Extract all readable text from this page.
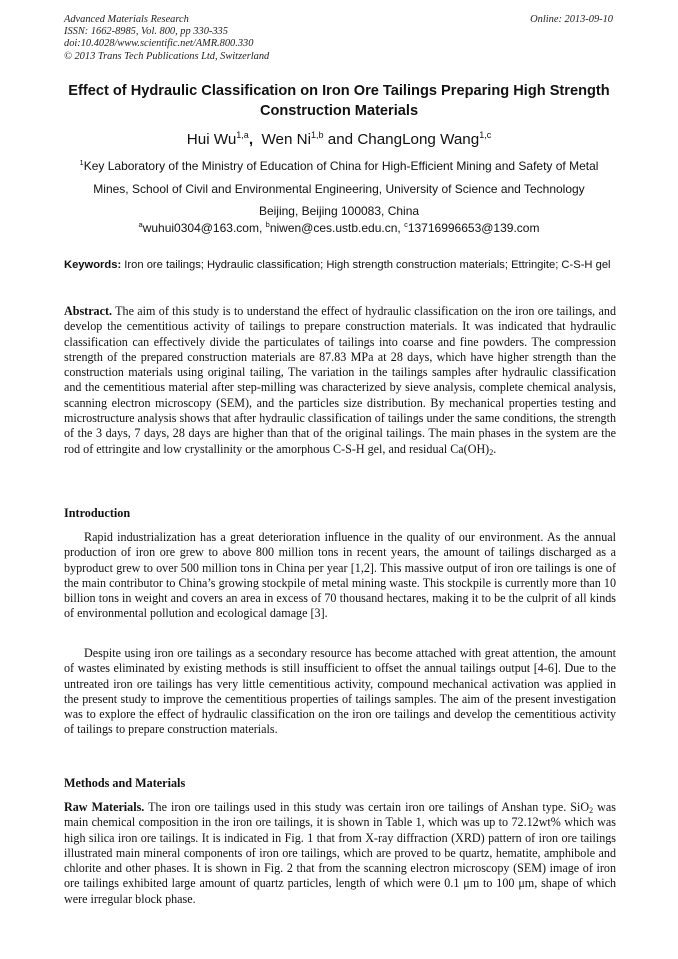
Advanced Materials Research
ISSN: 1662-8985, Vol. 800, pp 330-335
doi:10.4028/www.scientific.net/AMR.800.330
© 2013 Trans Tech Publications Ltd, Switzerland
Online: 2013-09-10
Effect of Hydraulic Classification on Iron Ore Tailings Preparing High Strength Construction Materials
Hui Wu$^{1,a}$, Wen Ni$^{1,b}$ and ChangLong Wang$^{1,c}$
$^1$Key Laboratory of the Ministry of Education of China for High-Efficient Mining and Safety of Metal
Mines, School of Civil and Environmental Engineering, University of Science and Technology
Beijing, Beijing 100083, China
$^a$wuhui0304@163.com, $^b$niwen@ces.ustb.edu.cn, $^c$13716996653@139.com
Keywords: Iron ore tailings; Hydraulic classification; High strength construction materials; Ettringite; C-S-H gel
Abstract. The aim of this study is to understand the effect of hydraulic classification on the iron ore tailings, and develop the cementitious activity of tailings to prepare construction materials. It was indicated that hydraulic classification can effectively divide the particulates of tailings into coarse and fine powders. The compression strength of the prepared construction materials are 87.83 MPa at 28 days, which have higher strength than the construction materials using original tailing, The variation in the tailings samples after hydraulic classification and the cementitious material after step-milling was characterized by sieve analysis, complete chemical analysis, scanning electron microscopy (SEM), and the particles size distribution. By mechanical properties testing and microstructure analysis shows that after hydraulic classification of tailings under the same conditions, the strength of the 3 days, 7 days, 28 days are higher than that of the original tailings. The main phases in the system are the rod of ettringite and low crystallinity or the amorphous C-S-H gel, and residual $Ca(OH)_2$.
Introduction
Rapid industrialization has a great deterioration influence in the quality of our environment. As the annual production of iron ore grew to above 800 million tons in recent years, the amount of tailings discharged as a byproduct grew to over 500 million tons in China per year [1,2]. This massive output of iron ore tailings is one of the main contributor to China’s growing stockpile of metal mining waste. This stockpile is currently more than 10 billion tons in weight and covers an area in excess of 70 thousand hectares, making it to be the culprit of all kinds of environmental pollution and ecological damage [3].
Despite using iron ore tailings as a secondary resource has become attached with great attention, the amount of wastes eliminated by existing methods is still insufficient to offset the annual tailings output [4-6]. Due to the untreated iron ore tailings has very little cementitious activity, compound mechanical activation was applied in the present study to improve the cementitious properties of tailings samples. The aim of the present investigation was to explore the effect of hydraulic classification on the iron ore tailings and develop the cementitious activity of tailings to prepare construction materials.
Methods and Materials
Raw Materials. The iron ore tailings used in this study was certain iron ore tailings of Anshan type. SiO$_2$ was main chemical composition in the iron ore tailings, it is shown in Table 1, which was up to 72.12wt% which was high silica iron ore tailings. It is indicated in Fig. 1 that from X-ray diffraction (XRD) pattern of iron ore tailings illustrated main mineral components of iron ore tailings, which are proved to be quartz, hematite, amphibole and chlorite and other phases. It is shown in Fig. 2 that from the scanning electron microscopy (SEM) image of iron ore tailings exhibited large amount of quartz particles, length of which were 0.1 μm to 100 μm, shape of which were irregular block phase.
